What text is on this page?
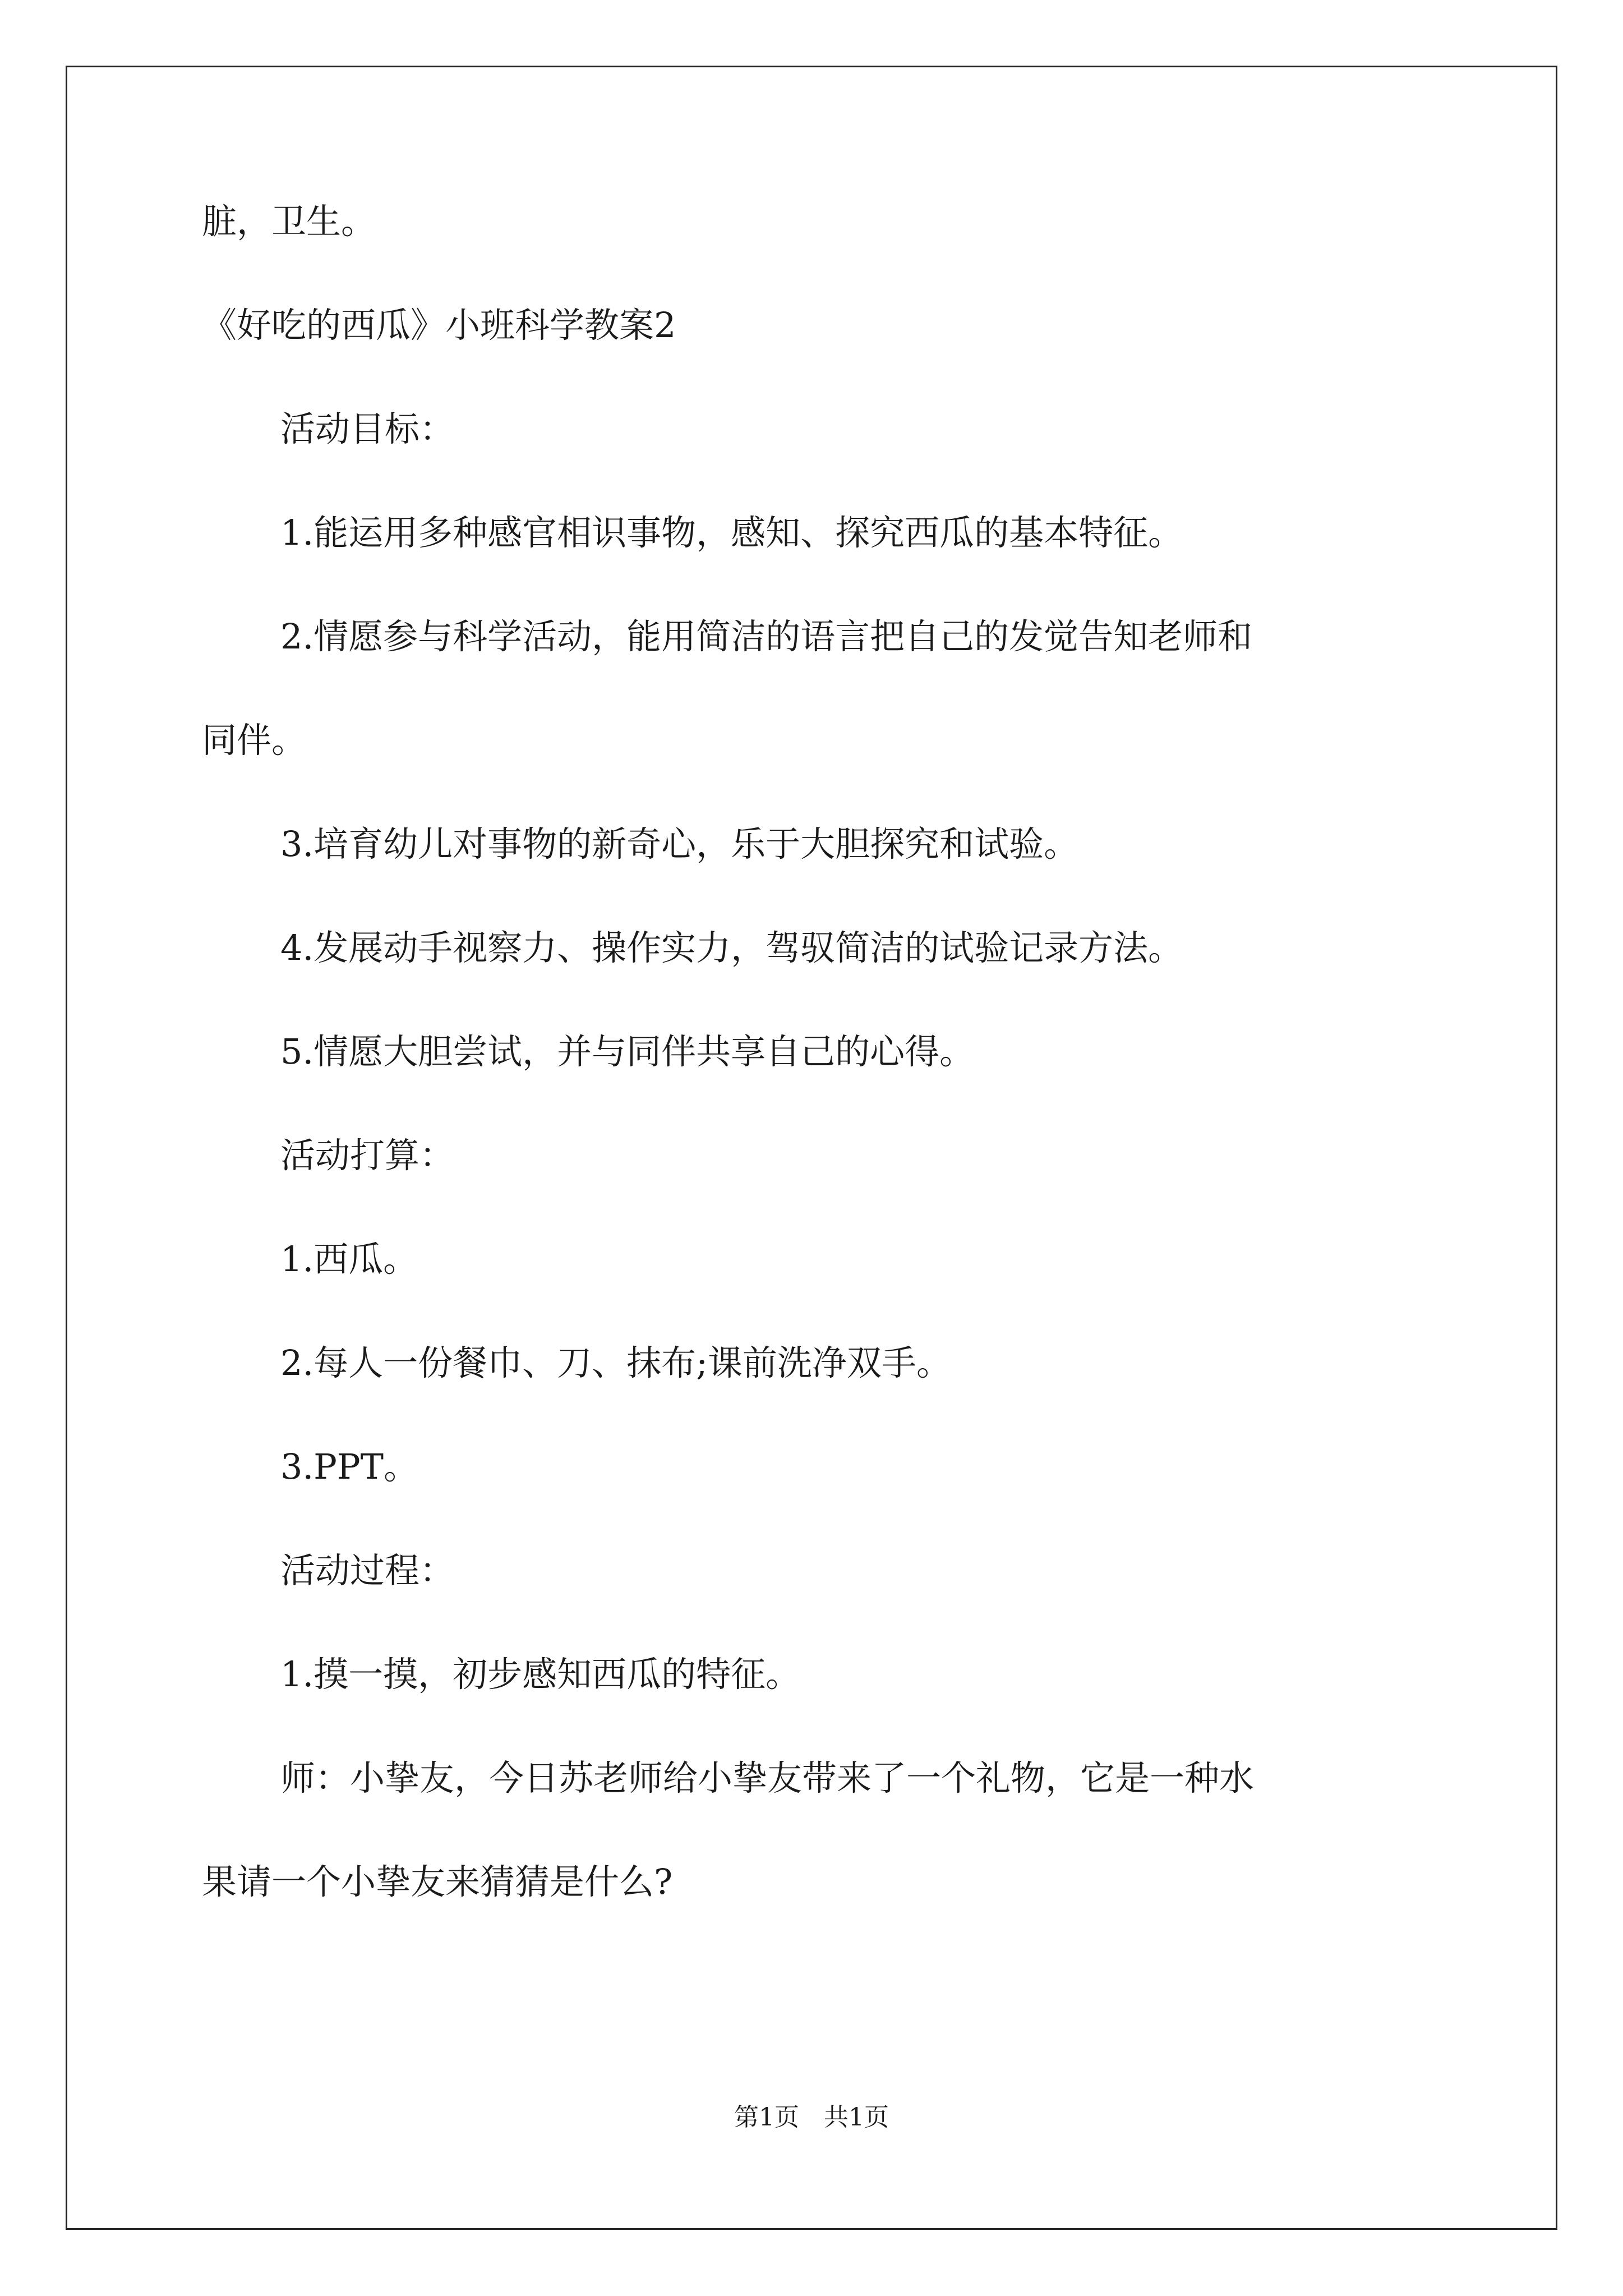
脏，卫生。
《好吃的西瓜》小班科学教案2
活动目标：
1.能运用多种感官相识事物，感知、探究西瓜的基本特征。
2.情愿参与科学活动，能用简洁的语言把自己的发觉告知老师和
同伴。
3.培育幼儿对事物的新奇心，乐于大胆探究和试验。
4.发展动手视察力、操作实力，驾驭简洁的试验记录方法。
5.情愿大胆尝试，并与同伴共享自己的心得。
活动打算：
1.西瓜。
2.每人一份餐巾、刀、抹布;课前洗净双手。
3.PPT。
活动过程：
1.摸一摸，初步感知西瓜的特征。
师：小挚友，今日苏老师给小挚友带来了一个礼物，它是一种水
果请一个小挚友来猜猜是什么?
第1页 共1页
